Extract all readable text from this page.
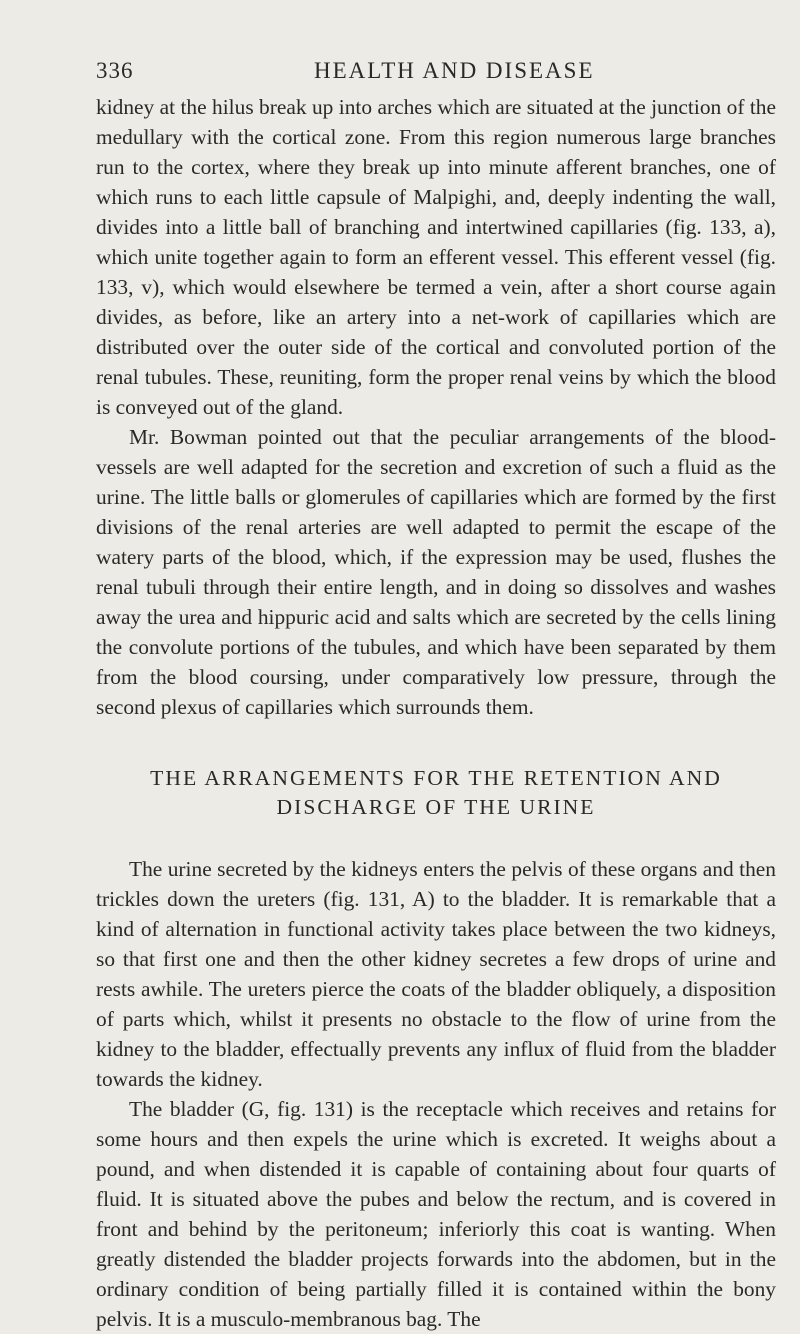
336	HEALTH AND DISEASE

kidney at the hilus break up into arches which are situated at the junction of the medullary with the cortical zone. From this region numerous large branches run to the cortex, where they break up into minute afferent branches, one of which runs to each little capsule of Malpighi, and, deeply indenting the wall, divides into a little ball of branching and intertwined capillaries (fig. 133, a), which unite together again to form an efferent vessel. This efferent vessel (fig. 133, v), which would elsewhere be termed a vein, after a short course again divides, as before, like an artery into a net-work of capillaries which are distributed over the outer side of the cortical and convoluted portion of the renal tubules. These, reuniting, form the proper renal veins by which the blood is conveyed out of the gland.

Mr. Bowman pointed out that the peculiar arrangements of the blood-vessels are well adapted for the secretion and excretion of such a fluid as the urine. The little balls or glomerules of capillaries which are formed by the first divisions of the renal arteries are well adapted to permit the escape of the watery parts of the blood, which, if the expression may be used, flushes the renal tubuli through their entire length, and in doing so dissolves and washes away the urea and hippuric acid and salts which are secreted by the cells lining the convolute portions of the tubules, and which have been separated by them from the blood coursing, under comparatively low pressure, through the second plexus of capillaries which surrounds them.

THE ARRANGEMENTS FOR THE RETENTION AND
DISCHARGE OF THE URINE

The urine secreted by the kidneys enters the pelvis of these organs and then trickles down the ureters (fig. 131, A) to the bladder. It is remarkable that a kind of alternation in functional activity takes place between the two kidneys, so that first one and then the other kidney secretes a few drops of urine and rests awhile. The ureters pierce the coats of the bladder obliquely, a disposition of parts which, whilst it presents no obstacle to the flow of urine from the kidney to the bladder, effectually prevents any influx of fluid from the bladder towards the kidney.

The bladder (G, fig. 131) is the receptacle which receives and retains for some hours and then expels the urine which is excreted. It weighs about a pound, and when distended it is capable of containing about four quarts of fluid. It is situated above the pubes and below the rectum, and is covered in front and behind by the peritoneum; inferiorly this coat is wanting. When greatly distended the bladder projects forwards into the abdomen, but in the ordinary condition of being partially filled it is contained within the bony pelvis. It is a musculo-membranous bag. The
